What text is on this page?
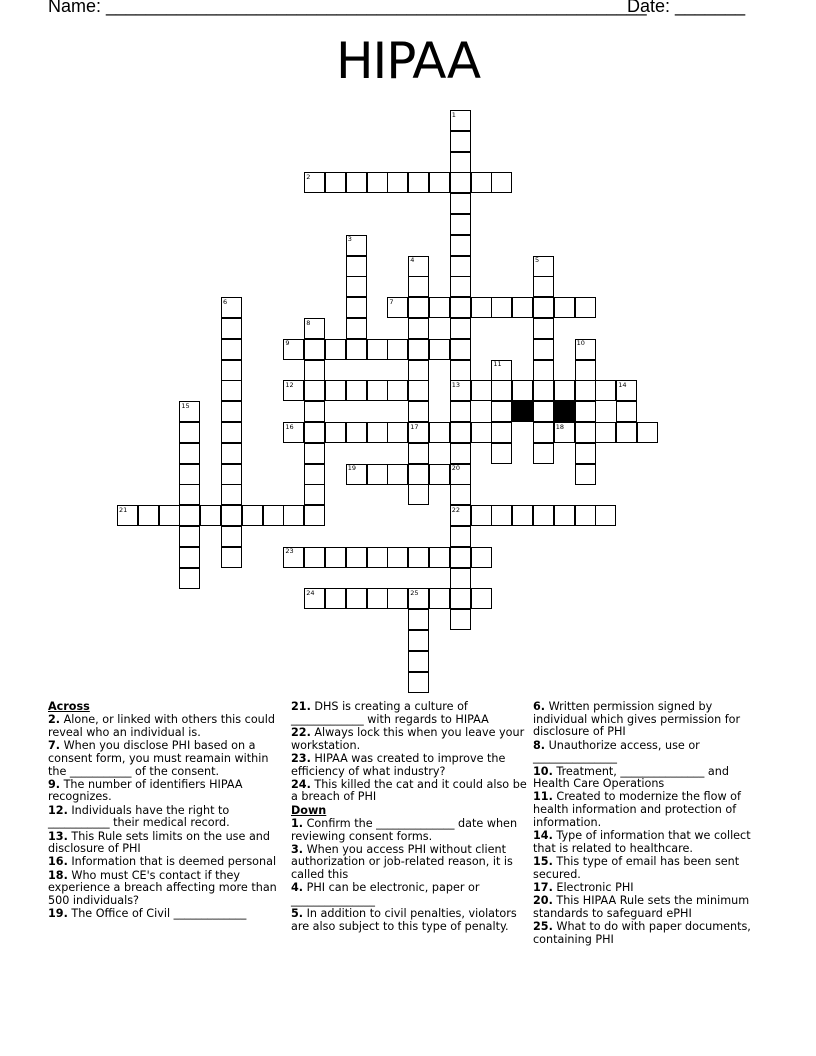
Name: ______________________________________________________
Date: _______
HIPAA
1
13
20
2
3
4
17
5
6	7
8
9	10
11
12	14
15
16	18
19
22
21
23
24	25

Across

2. Alone, or linked with others this could reveal who an individual is.

7. When you disclose PHI based on a consent form, you must reamain within the ___________ of the consent.

9. The number of identifiers HIPAA recognizes.

12. Individuals have the right to ___________ their medical record.

13. This Rule sets limits on the use and disclosure of PHI

16. Information that is deemed personal

18. Who must CE's contact if they experience a breach affecting more than 500 individuals?

19. The Office of Civil _____________

21. DHS is creating a culture of _____________ with regards to HIPAA

22. Always lock this when you leave your workstation.

23. HIPAA was created to improve the efficiency of what industry?

24. This killed the cat and it could also be a breach of PHI

Down

1. Confirm the ______________ date when reviewing consent forms.

3. When you access PHI without client authorization or job-related reason, it is called this

4. PHI can be electronic, paper or _______________

5. In addition to civil penalties, violators are also subject to this type of penalty.

6. Written permission signed by individual which gives permission for disclosure of PHI

8. Unauthorize access, use or _______________

10. Treatment, _______________ and Health Care Operations

11. Created to modernize the flow of health information and protection of information.

14. Type of information that we collect that is related to healthcare.

15. This type of email has been sent secured.

17. Electronic PHI

20. This HIPAA Rule sets the minimum standards to safeguard ePHI

25. What to do with paper documents, containing PHI
